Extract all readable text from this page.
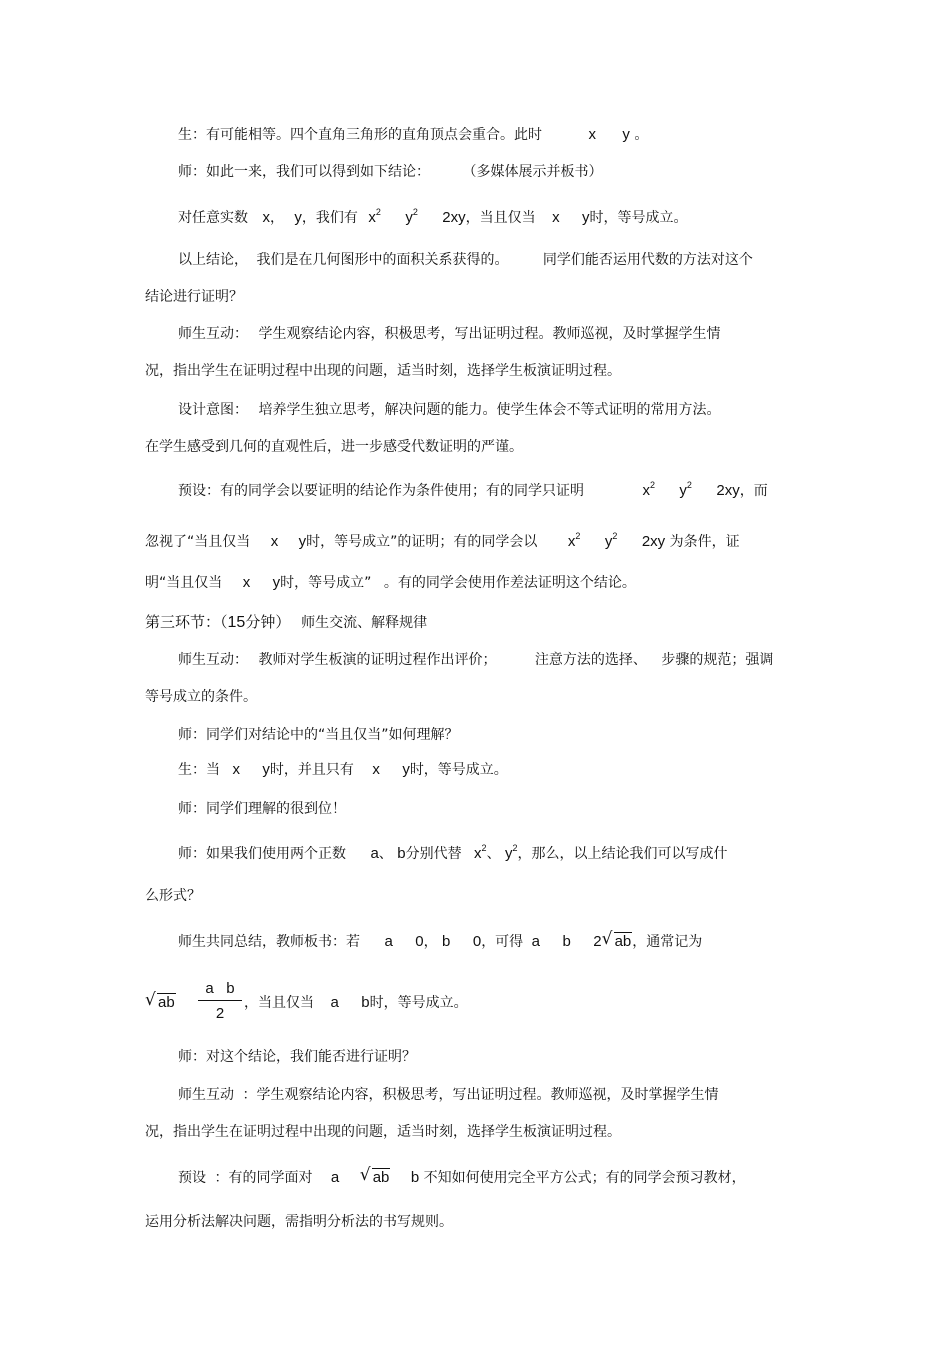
生：有可能相等。四个直角三角形的直角顶点会重合。此时	x y 。
师：如此一来，我们可以得到如下结论： （多媒体展示并板书）
对任意实数 x， y，我们有 $x^2$ $y^2$ 2xy，当且仅当 x y时，等号成立。
以上结论， 我们是在几何图形中的面积关系获得的。 同学们能否运用代数的方法对这个
结论进行证明？
师生互动： 学生观察结论内容，积极思考，写出证明过程。教师巡视，及时掌握学生情
况，指出学生在证明过程中出现的问题，适当时刻，选择学生板演证明过程。
设计意图： 培养学生独立思考，解决问题的能力。使学生体会不等式证明的常用方法。
在学生感受到几何的直观性后，进一步感受代数证明的严谨。
预设：有的同学会以要证明的结论作为条件使用；有的同学只证明	$x^2$ $y^2$ 2xy，而
忽视了“当且仅当 x y时，等号成立”的证明；有的同学会以 $x^2$ $y^2$ 2xy 为条件，证
明“当且仅当 x y时，等号成立” 。有的同学会使用作差法证明这个结论。
第三环节：（15分钟） 师生交流、解释规律
师生互动： 教师对学生板演的证明过程作出评价；	注意方法的选择、 步骤的规范；强调
等号成立的条件。
师：同学们对结论中的“当且仅当”如何理解？
生：当 x y时，并且只有 x y时，等号成立。
师：同学们理解的很到位！
师：如果我们使用两个正数 a、 b分别代替 $x^2$、 $y^2$，那么，以上结论我们可以写成什
么形式？
师生共同总结，教师板书：若 a 0， b 0，可得 a b 2 √ ab，通常记为
√ ab $\frac{\text{a b}}{2}$ ，当且仅当 a b时，等号成立。
师：对这个结论，我们能否进行证明？
师生互动 ：学生观察结论内容，积极思考，写出证明过程。教师巡视，及时掌握学生情
况，指出学生在证明过程中出现的问题，适当时刻，选择学生板演证明过程。
预设 ：有的同学面对 a √ ab b 不知如何使用完全平方公式；有的同学会预习教材，
运用分析法解决问题，需指明分析法的书写规则。
